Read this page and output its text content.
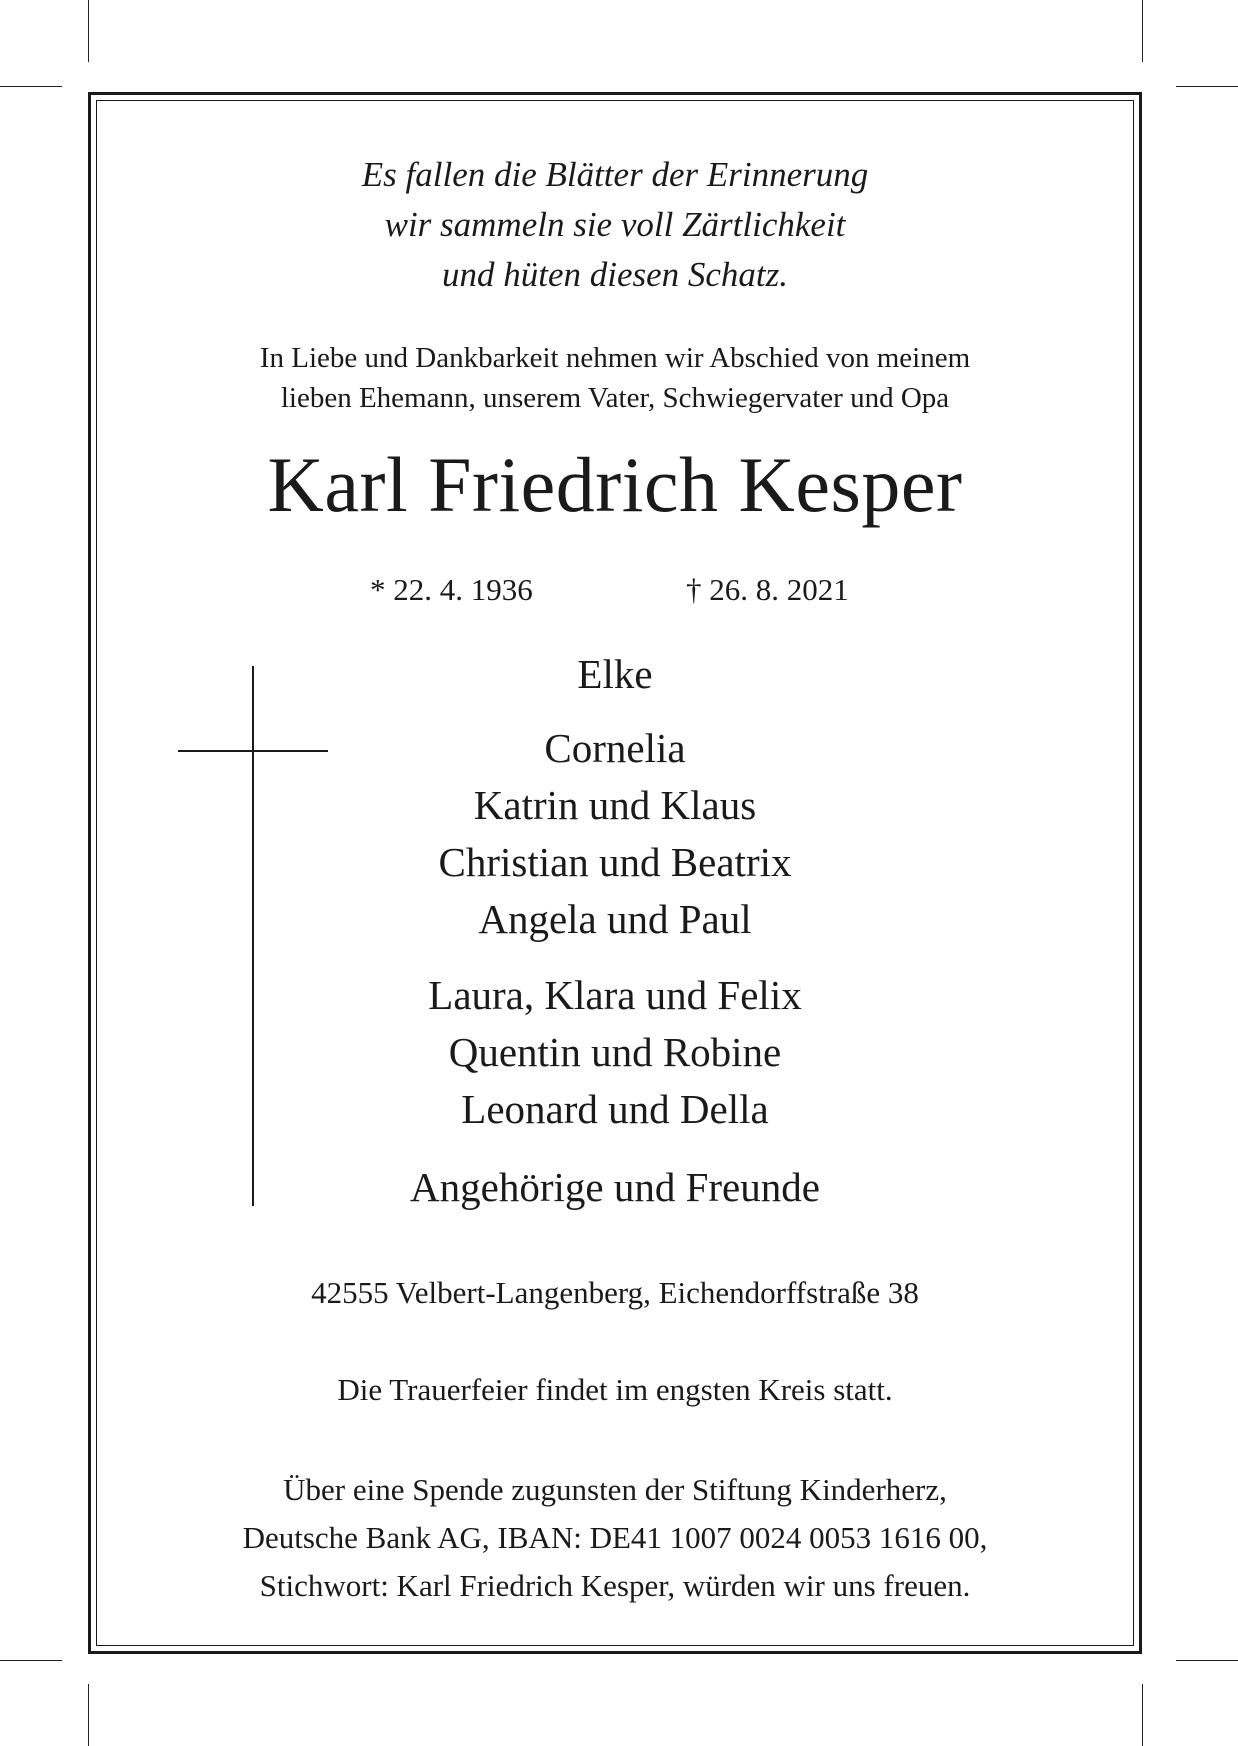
Es fallen die Blätter der Erinnerung
wir sammeln sie voll Zärtlichkeit
und hüten diesen Schatz.
In Liebe und Dankbarkeit nehmen wir Abschied von meinem
lieben Ehemann, unserem Vater, Schwiegervater und Opa
Karl Friedrich Kesper
* 22. 4. 1936	† 26. 8. 2021
Elke
Cornelia
Katrin und Klaus
Christian und Beatrix
Angela und Paul
Laura, Klara und Felix
Quentin und Robine
Leonard und Della
Angehörige und Freunde
42555 Velbert-Langenberg, Eichendorffstraße 38
Die Trauerfeier findet im engsten Kreis statt.
Über eine Spende zugunsten der Stiftung Kinderherz,
Deutsche Bank AG, IBAN: DE41 1007 0024 0053 1616 00,
Stichwort: Karl Friedrich Kesper, würden wir uns freuen.
